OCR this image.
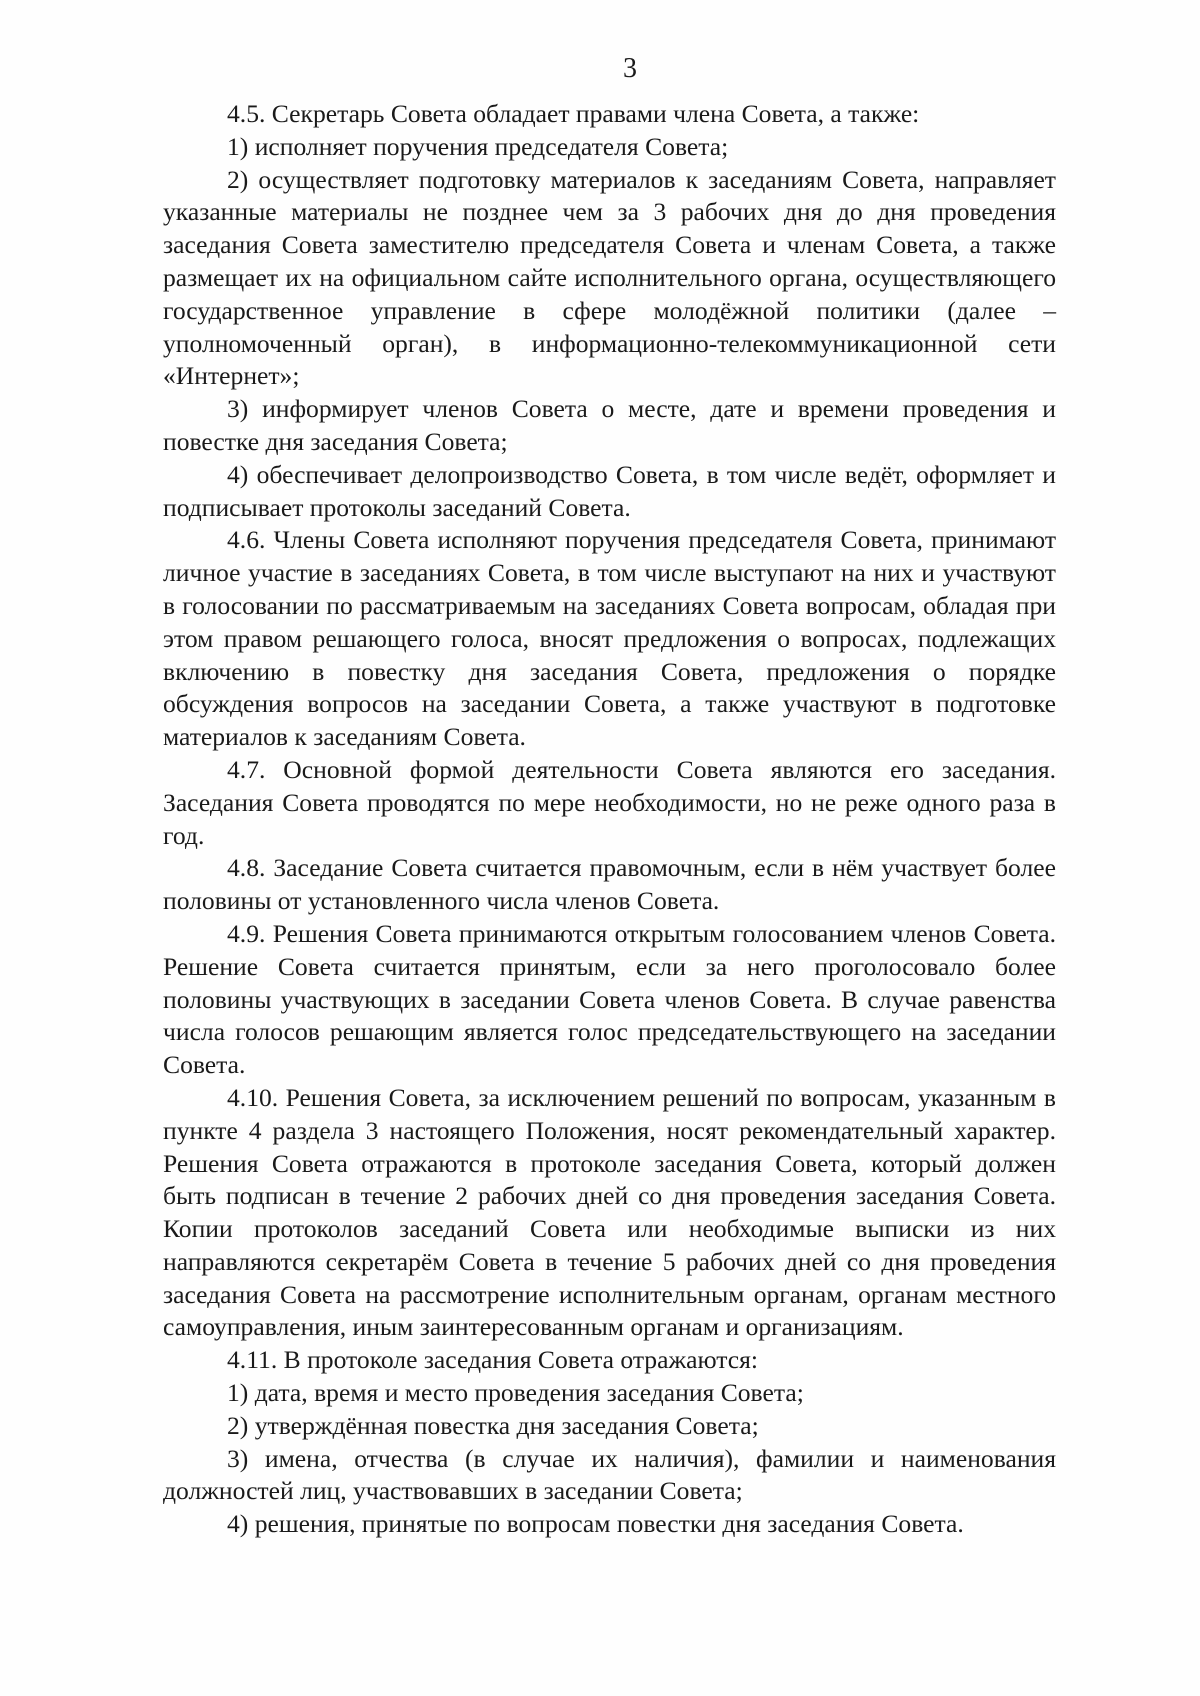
3

4.5. Секретарь Совета обладает правами члена Совета, а также:

1) исполняет поручения председателя Совета;

2) осуществляет подготовку материалов к заседаниям Совета, направляет указанные материалы не позднее чем за 3 рабочих дня до дня проведения заседания Совета заместителю председателя Совета и членам Совета, а также размещает их на официальном сайте исполнительного органа, осуществляющего государственное управление в сфере молодёжной политики (далее – уполномоченный орган), в информационно-телекоммуникационной сети «Интернет»;

3) информирует членов Совета о месте, дате и времени проведения и повестке дня заседания Совета;

4) обеспечивает делопроизводство Совета, в том числе ведёт, оформляет и подписывает протоколы заседаний Совета.

4.6. Члены Совета исполняют поручения председателя Совета, принимают личное участие в заседаниях Совета, в том числе выступают на них и участвуют в голосовании по рассматриваемым на заседаниях Совета вопросам, обладая при этом правом решающего голоса, вносят предложения о вопросах, подлежащих включению в повестку дня заседания Совета, предложения о порядке обсуждения вопросов на заседании Совета, а также участвуют в подготовке материалов к заседаниям Совета.

4.7. Основной формой деятельности Совета являются его заседания. Заседания Совета проводятся по мере необходимости, но не реже одного раза в год.

4.8. Заседание Совета считается правомочным, если в нём участвует более половины от установленного числа членов Совета.

4.9. Решения Совета принимаются открытым голосованием членов Совета. Решение Совета считается принятым, если за него проголосовало более половины участвующих в заседании Совета членов Совета. В случае равенства числа голосов решающим является голос председательствующего на заседании Совета.

4.10. Решения Совета, за исключением решений по вопросам, указанным в пункте 4 раздела 3 настоящего Положения, носят рекомендательный характер. Решения Совета отражаются в протоколе заседания Совета, который должен быть подписан в течение 2 рабочих дней со дня проведения заседания Совета. Копии протоколов заседаний Совета или необходимые выписки из них направляются секретарём Совета в течение 5 рабочих дней со дня проведения заседания Совета на рассмотрение исполнительным органам, органам местного самоуправления, иным заинтересованным органам и организациям.

4.11. В протоколе заседания Совета отражаются:

1) дата, время и место проведения заседания Совета;

2) утверждённая повестка дня заседания Совета;

3) имена, отчества (в случае их наличия), фамилии и наименования должностей лиц, участвовавших в заседании Совета;

4) решения, принятые по вопросам повестки дня заседания Совета.
